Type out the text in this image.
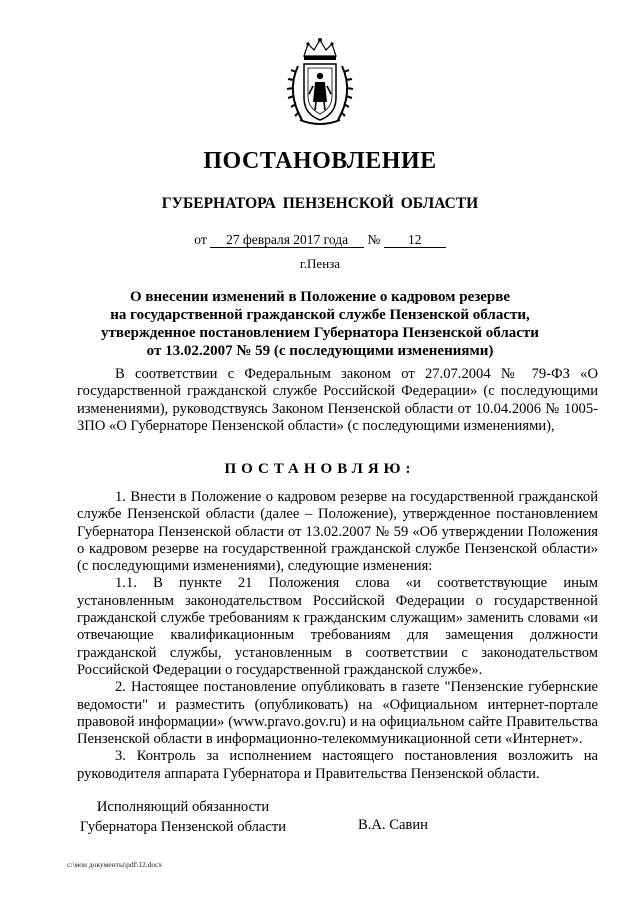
ПОСТАНОВЛЕНИЕ
ГУБЕРНАТОРА ПЕНЗЕНСКОЙ ОБЛАСТИ
от 27 февраля 2017 года № 12
г.Пенза
О внесении изменений в Положение о кадровом резерве
на государственной гражданской службе Пензенской области,
утвержденное постановлением Губернатора Пензенской области
от 13.02.2007 № 59 (с последующими изменениями)

В соответствии с Федеральным законом от 27.07.2004 № 79-ФЗ «О государственной гражданской службе Российской Федерации» (с последующими изменениями), руководствуясь Законом Пензенской области от 10.04.2006 № 1005-ЗПО «О Губернаторе Пензенской области» (с последующими изменениями),

ПОСТАНОВЛЯЮ:

1. Внести в Положение о кадровом резерве на государственной гражданской службе Пензенской области (далее – Положение), утвержденное постановлением Губернатора Пензенской области от 13.02.2007 № 59 «Об утверждении Положения о кадровом резерве на государственной гражданской службе Пензенской области» (с последующими изменениями), следующие изменения:

1.1. В пункте 21 Положения слова «и соответствующие иным установленным законодательством Российской Федерации о государственной гражданской службе требованиям к гражданским служащим» заменить словами «и отвечающие квалификационным требованиям для замещения должности гражданской службы, установленным в соответствии с законодательством Российской Федерации о государственной гражданской службе».

2. Настоящее постановление опубликовать в газете "Пензенские губернские ведомости" и разместить (опубликовать) на «Официальном интернет-портале правовой информации» (www.pravo.gov.ru) и на официальном сайте Правительства Пензенской области в информационно-телекоммуникационной сети «Интернет».

3. Контроль за исполнением настоящего постановления возложить на руководителя аппарата Губернатора и Правительства Пензенской области.

Исполняющий обязанности
Губернатора Пензенской области	В.А. Савин
c:\мои документы\pdf\12.docx
